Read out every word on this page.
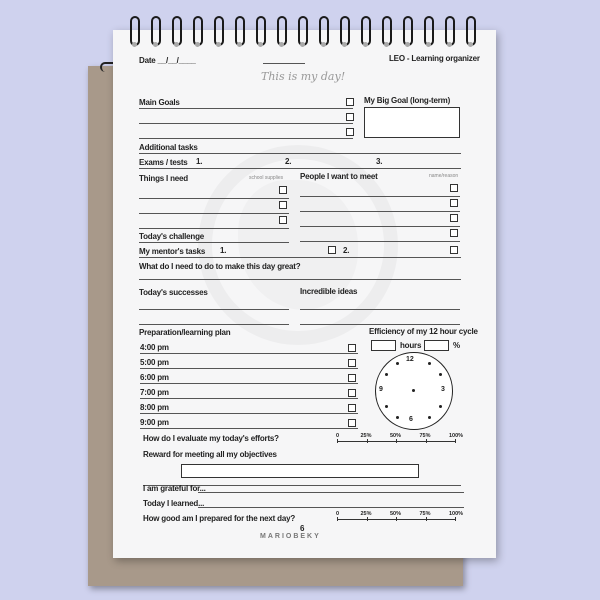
Date __/__/____	LEO - Learning organizer
This is my day!
Main Goals	My Big Goal (long-term)
Additional tasks
Exams / tests 1.	2.	3.
Things I need	school supplies People I want to meet	name/reason
Today's challenge
My mentor's tasks 1.	2.
What do I need to do to make this day great?
Today's successes	Incredible ideas
Preparation/learning plan	Efficiency of my 12 hour cycle
hours	%
4:00 pm
5:00 pm
6:00 pm
7:00 pm
8:00 pm
9:00 pm
12
3
6
9
How do I evaluate my today's efforts?	0	25%	50%	75%	100%
Reward for meeting all my objectives
I am grateful for...
Today I learned...
How good am I prepared for the next day?	0	25%	50%	75%	100%
6
MARIOBEKY
